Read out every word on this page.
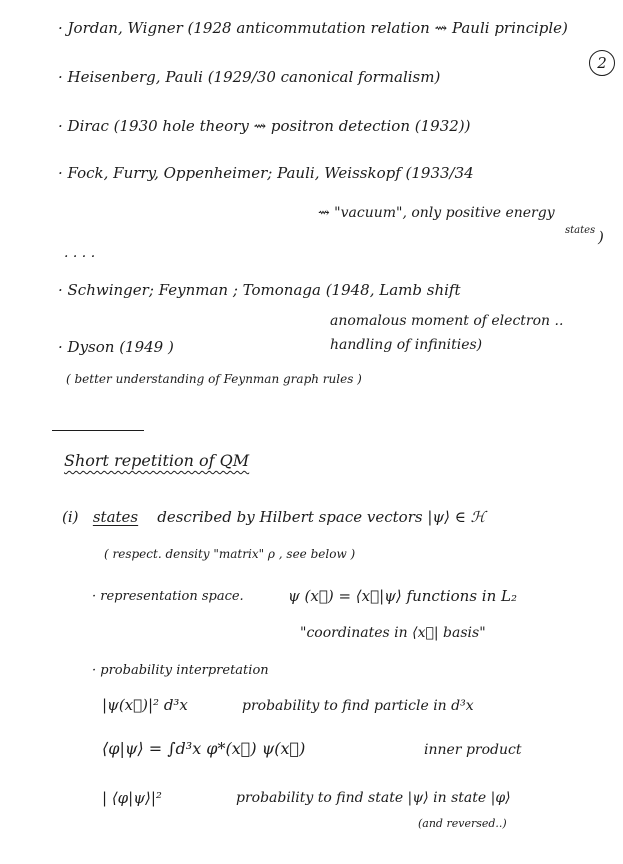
2
· Jordan, Wigner (1928 anticommutation relation ⇝ Pauli principle)
· Heisenberg, Pauli (1929/30 canonical formalism)
· Dirac (1930 hole theory ⇝ positron detection (1932))
· Fock, Furry, Oppenheimer; Pauli, Weisskopf (1933/34
⇝ "vacuum", only positive energy
states )
· · · ·
· Schwinger; Feynman ; Tomonaga (1948, Lamb shift
anomalous moment of electron ..
· Dyson (1949 )	handling of infinities)
( better understanding of Feynman graph rules )
Short repetition of QM
(i) states described by Hilbert space vectors |ψ⟩ ∈ ℋ
( respect. density "matrix" ρ , see below )
· representation space.	ψ (x⃗) = ⟨x⃗|ψ⟩ functions in L₂
"coordinates in ⟨x⃗| basis"
· probability interpretation
|ψ(x⃗)|² d³x	probability to find particle in d³x
⟨φ|ψ⟩ = ∫d³x φ*(x⃗) ψ(x⃗)	inner product
| ⟨φ|ψ⟩|²	probability to find state |ψ⟩ in state |φ⟩
(and reversed..)
